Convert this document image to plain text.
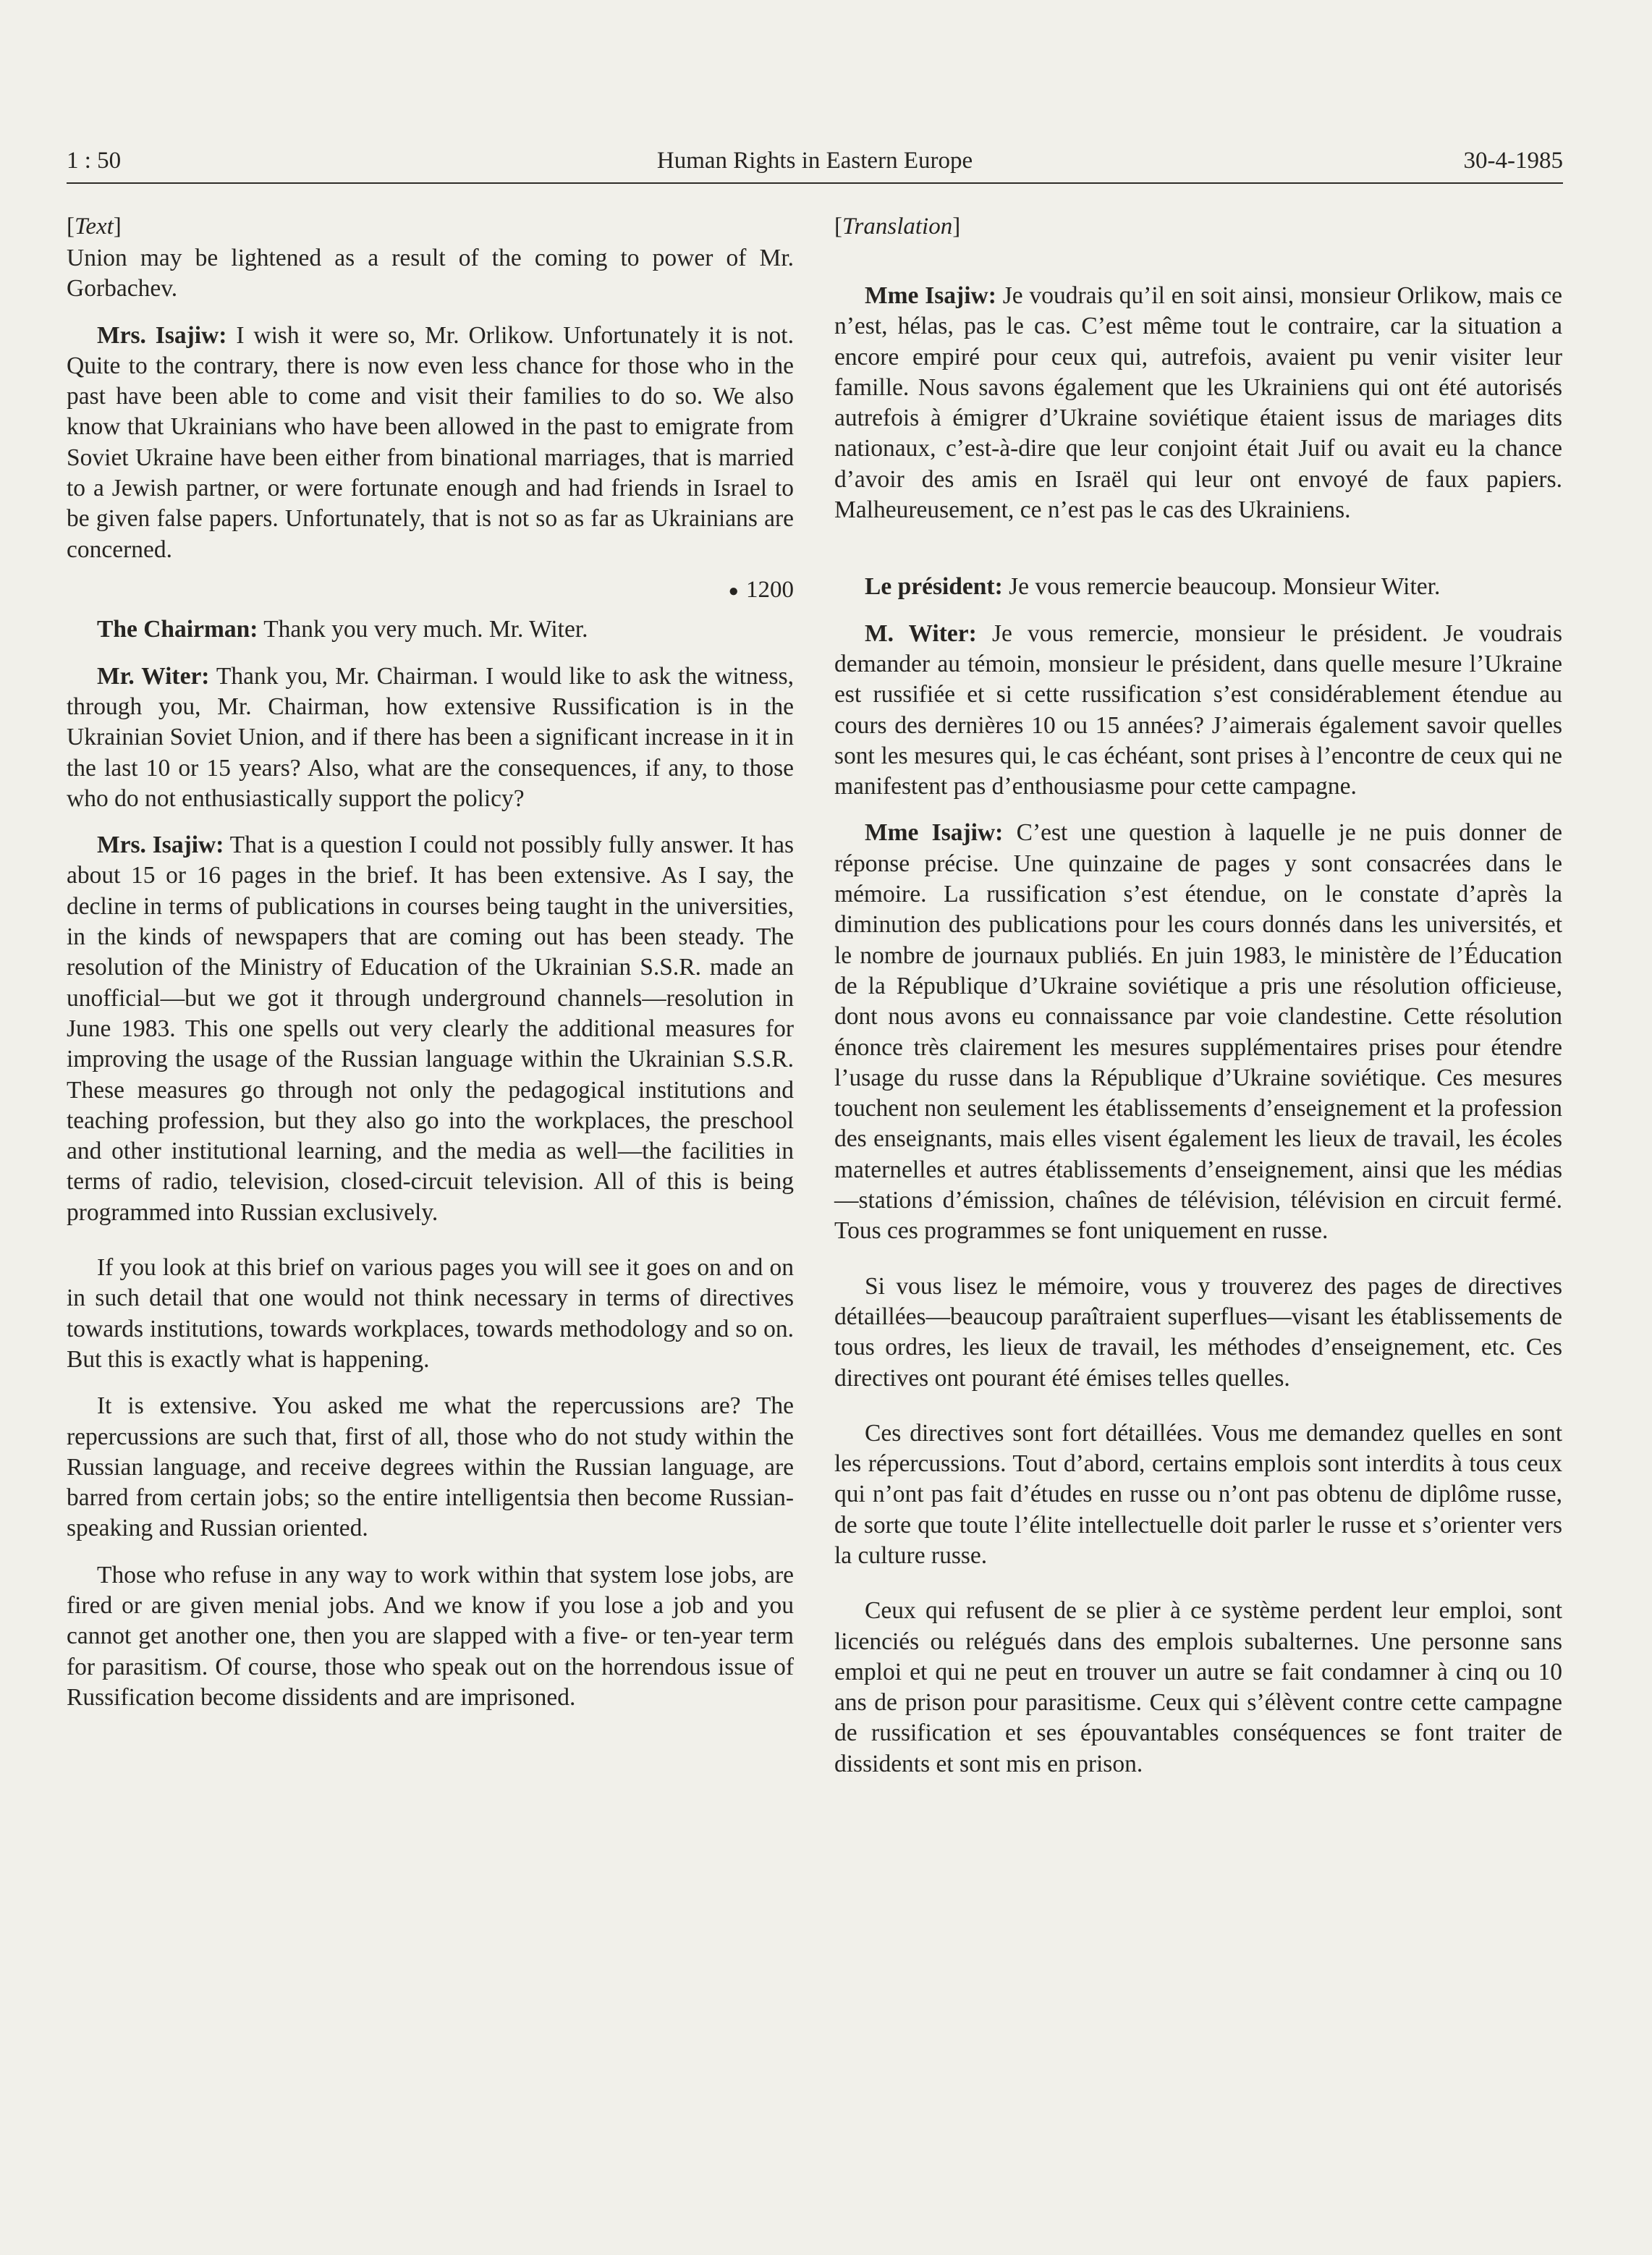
1 : 50	Human Rights in Eastern Europe	30-4-1985
[Text]

Union may be lightened as a result of the coming to power of Mr. Gorbachev.

Mrs. Isajiw: I wish it were so, Mr. Orlikow. Unfortunately it is not. Quite to the contrary, there is now even less chance for those who in the past have been able to come and visit their families to do so. We also know that Ukrainians who have been allowed in the past to emigrate from Soviet Ukraine have been either from binational marriages, that is married to a Jewish partner, or were fortunate enough and had friends in Israel to be given false papers. Unfortunately, that is not so as far as Ukrainians are concerned.

● 1200

The Chairman: Thank you very much. Mr. Witer.

Mr. Witer: Thank you, Mr. Chairman. I would like to ask the witness, through you, Mr. Chairman, how extensive Russification is in the Ukrainian Soviet Union, and if there has been a significant increase in it in the last 10 or 15 years? Also, what are the consequences, if any, to those who do not enthusiastically support the policy?

Mrs. Isajiw: That is a question I could not possibly fully answer. It has about 15 or 16 pages in the brief. It has been extensive. As I say, the decline in terms of publications in courses being taught in the universities, in the kinds of newspapers that are coming out has been steady. The resolution of the Ministry of Education of the Ukrainian S.S.R. made an unofficial—but we got it through underground channels—resolution in June 1983. This one spells out very clearly the additional measures for improving the usage of the Russian language within the Ukrainian S.S.R. These measures go through not only the pedagogical institutions and teaching profession, but they also go into the workplaces, the preschool and other institutional learning, and the media as well—the facilities in terms of radio, television, closed-circuit television. All of this is being programmed into Russian exclusively.

If you look at this brief on various pages you will see it goes on and on in such detail that one would not think necessary in terms of directives towards institutions, towards workplaces, towards methodology and so on. But this is exactly what is happening.

It is extensive. You asked me what the repercussions are? The repercussions are such that, first of all, those who do not study within the Russian language, and receive degrees within the Russian language, are barred from certain jobs; so the entire intelligentsia then become Russian-speaking and Russian oriented.

Those who refuse in any way to work within that system lose jobs, are fired or are given menial jobs. And we know if you lose a job and you cannot get another one, then you are slapped with a five- or ten-year term for parasitism. Of course, those who speak out on the horrendous issue of Russification become dissidents and are imprisoned.

[Translation]

Mme Isajiw: Je voudrais qu’il en soit ainsi, monsieur Orlikow, mais ce n’est, hélas, pas le cas. C’est même tout le contraire, car la situation a encore empiré pour ceux qui, autrefois, avaient pu venir visiter leur famille. Nous savons également que les Ukrainiens qui ont été autorisés autrefois à émigrer d’Ukraine soviétique étaient issus de mariages dits nationaux, c’est-à-dire que leur conjoint était Juif ou avait eu la chance d’avoir des amis en Israël qui leur ont envoyé de faux papiers. Malheureusement, ce n’est pas le cas des Ukrainiens.

Le président: Je vous remercie beaucoup. Monsieur Witer.

M. Witer: Je vous remercie, monsieur le président. Je voudrais demander au témoin, monsieur le président, dans quelle mesure l’Ukraine est russifiée et si cette russification s’est considérablement étendue au cours des dernières 10 ou 15 années? J’aimerais également savoir quelles sont les mesures qui, le cas échéant, sont prises à l’encontre de ceux qui ne manifestent pas d’enthousiasme pour cette campagne.

Mme Isajiw: C’est une question à laquelle je ne puis donner de réponse précise. Une quinzaine de pages y sont consacrées dans le mémoire. La russification s’est étendue, on le constate d’après la diminution des publications pour les cours donnés dans les universités, et le nombre de journaux publiés. En juin 1983, le ministère de l’Éducation de la République d’Ukraine soviétique a pris une résolution officieuse, dont nous avons eu connaissance par voie clandestine. Cette résolution énonce très clairement les mesures supplémentaires prises pour étendre l’usage du russe dans la République d’Ukraine soviétique. Ces mesures touchent non seulement les établissements d’enseignement et la profession des enseignants, mais elles visent également les lieux de travail, les écoles maternelles et autres établissements d’enseignement, ainsi que les médias—stations d’émission, chaînes de télévision, télévision en circuit fermé. Tous ces programmes se font uniquement en russe.

Si vous lisez le mémoire, vous y trouverez des pages de directives détaillées—beaucoup paraîtraient superflues—visant les établissements de tous ordres, les lieux de travail, les méthodes d’enseignement, etc. Ces directives ont pourant été émises telles quelles.

Ces directives sont fort détaillées. Vous me demandez quelles en sont les répercussions. Tout d’abord, certains emplois sont interdits à tous ceux qui n’ont pas fait d’études en russe ou n’ont pas obtenu de diplôme russe, de sorte que toute l’élite intellectuelle doit parler le russe et s’orienter vers la culture russe.

Ceux qui refusent de se plier à ce système perdent leur emploi, sont licenciés ou relégués dans des emplois subalternes. Une personne sans emploi et qui ne peut en trouver un autre se fait condamner à cinq ou 10 ans de prison pour parasitisme. Ceux qui s’élèvent contre cette campagne de russification et ses épouvantables conséquences se font traiter de dissidents et sont mis en prison.
